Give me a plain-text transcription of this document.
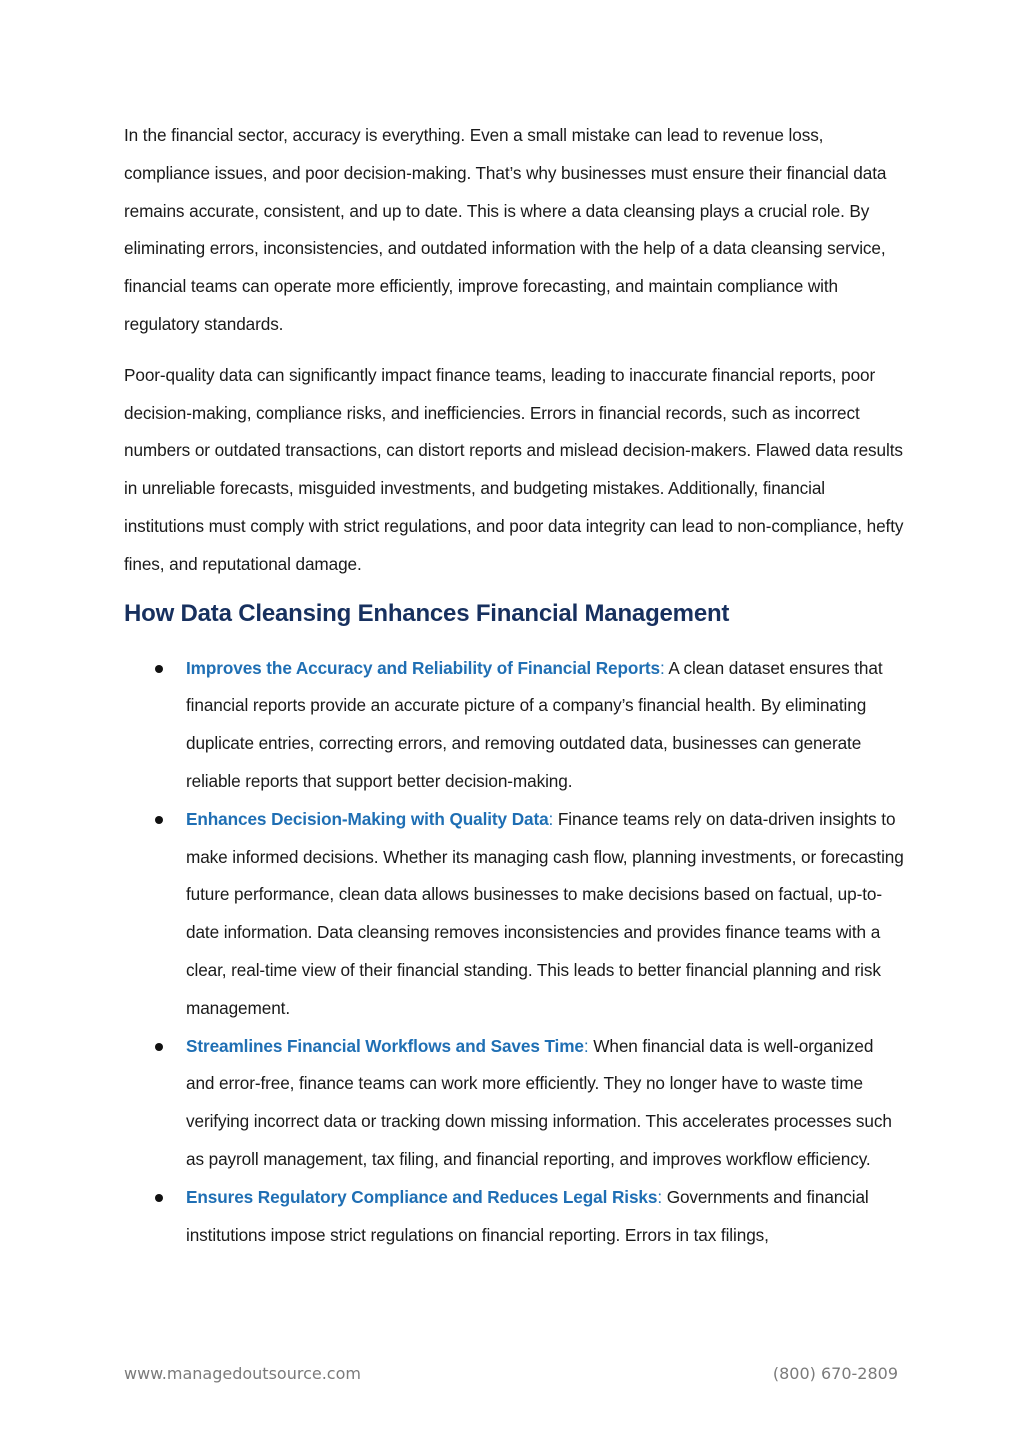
In the financial sector, accuracy is everything. Even a small mistake can lead to revenue loss, compliance issues, and poor decision-making. That’s why businesses must ensure their financial data remains accurate, consistent, and up to date. This is where a data cleansing plays a crucial role. By eliminating errors, inconsistencies, and outdated information with the help of a data cleansing service, financial teams can operate more efficiently, improve forecasting, and maintain compliance with regulatory standards.

Poor-quality data can significantly impact finance teams, leading to inaccurate financial reports, poor decision-making, compliance risks, and inefficiencies. Errors in financial records, such as incorrect numbers or outdated transactions, can distort reports and mislead decision-makers. Flawed data results in unreliable forecasts, misguided investments, and budgeting mistakes. Additionally, financial institutions must comply with strict regulations, and poor data integrity can lead to non-compliance, hefty fines, and reputational damage.

How Data Cleansing Enhances Financial Management
Improves the Accuracy and Reliability of Financial Reports: A clean dataset ensures that financial reports provide an accurate picture of a company’s financial health. By eliminating duplicate entries, correcting errors, and removing outdated data, businesses can generate reliable reports that support better decision-making.
Enhances Decision-Making with Quality Data: Finance teams rely on data-driven insights to make informed decisions. Whether its managing cash flow, planning investments, or forecasting future performance, clean data allows businesses to make decisions based on factual, up-to-date information. Data cleansing removes inconsistencies and provides finance teams with a clear, real-time view of their financial standing. This leads to better financial planning and risk management.
Streamlines Financial Workflows and Saves Time: When financial data is well-organized and error-free, finance teams can work more efficiently. They no longer have to waste time verifying incorrect data or tracking down missing information. This accelerates processes such as payroll management, tax filing, and financial reporting, and improves workflow efficiency.
Ensures Regulatory Compliance and Reduces Legal Risks: Governments and financial institutions impose strict regulations on financial reporting. Errors in tax filings,
www.managedoutsource.com	(800) 670-2809
